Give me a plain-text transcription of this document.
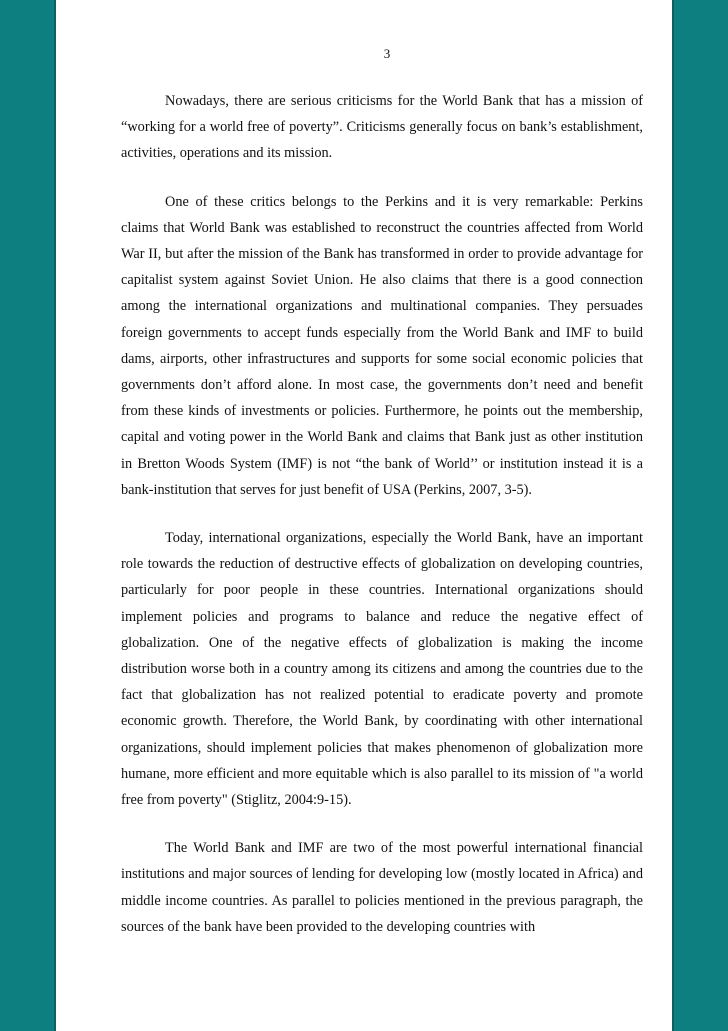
3

Nowadays, there are serious criticisms for the World Bank that has a mission of “working for a world free of poverty”. Criticisms generally focus on bank’s establishment, activities, operations and its mission.

One of these critics belongs to the Perkins and it is very remarkable: Perkins claims that World Bank was established to reconstruct the countries affected from World War II, but after the mission of the Bank has transformed in order to provide advantage for capitalist system against Soviet Union. He also claims that there is a good connection among the international organizations and multinational companies. They persuades foreign governments to accept funds especially from the World Bank and IMF to build dams, airports, other infrastructures and supports for some social economic policies that governments don’t afford alone. In most case, the governments don’t need and benefit from these kinds of investments or policies. Furthermore, he points out the membership, capital and voting power in the World Bank and claims that Bank just as other institution in Bretton Woods System (IMF) is not “the bank of World’’ or institution instead it is a bank-institution that serves for just benefit of USA (Perkins, 2007, 3-5).

Today, international organizations, especially the World Bank, have an important role towards the reduction of destructive effects of globalization on developing countries, particularly for poor people in these countries. International organizations should implement policies and programs to balance and reduce the negative effect of globalization. One of the negative effects of globalization is making the income distribution worse both in a country among its citizens and among the countries due to the fact that globalization has not realized potential to eradicate poverty and promote economic growth. Therefore, the World Bank, by coordinating with other international organizations, should implement policies that makes phenomenon of globalization more humane, more efficient and more equitable which is also parallel to its mission of "a world free from poverty" (Stiglitz, 2004:9-15).

The World Bank and IMF are two of the most powerful international financial institutions and major sources of lending for developing low (mostly located in Africa) and middle income countries. As parallel to policies mentioned in the previous paragraph, the sources of the bank have been provided to the developing countries with
